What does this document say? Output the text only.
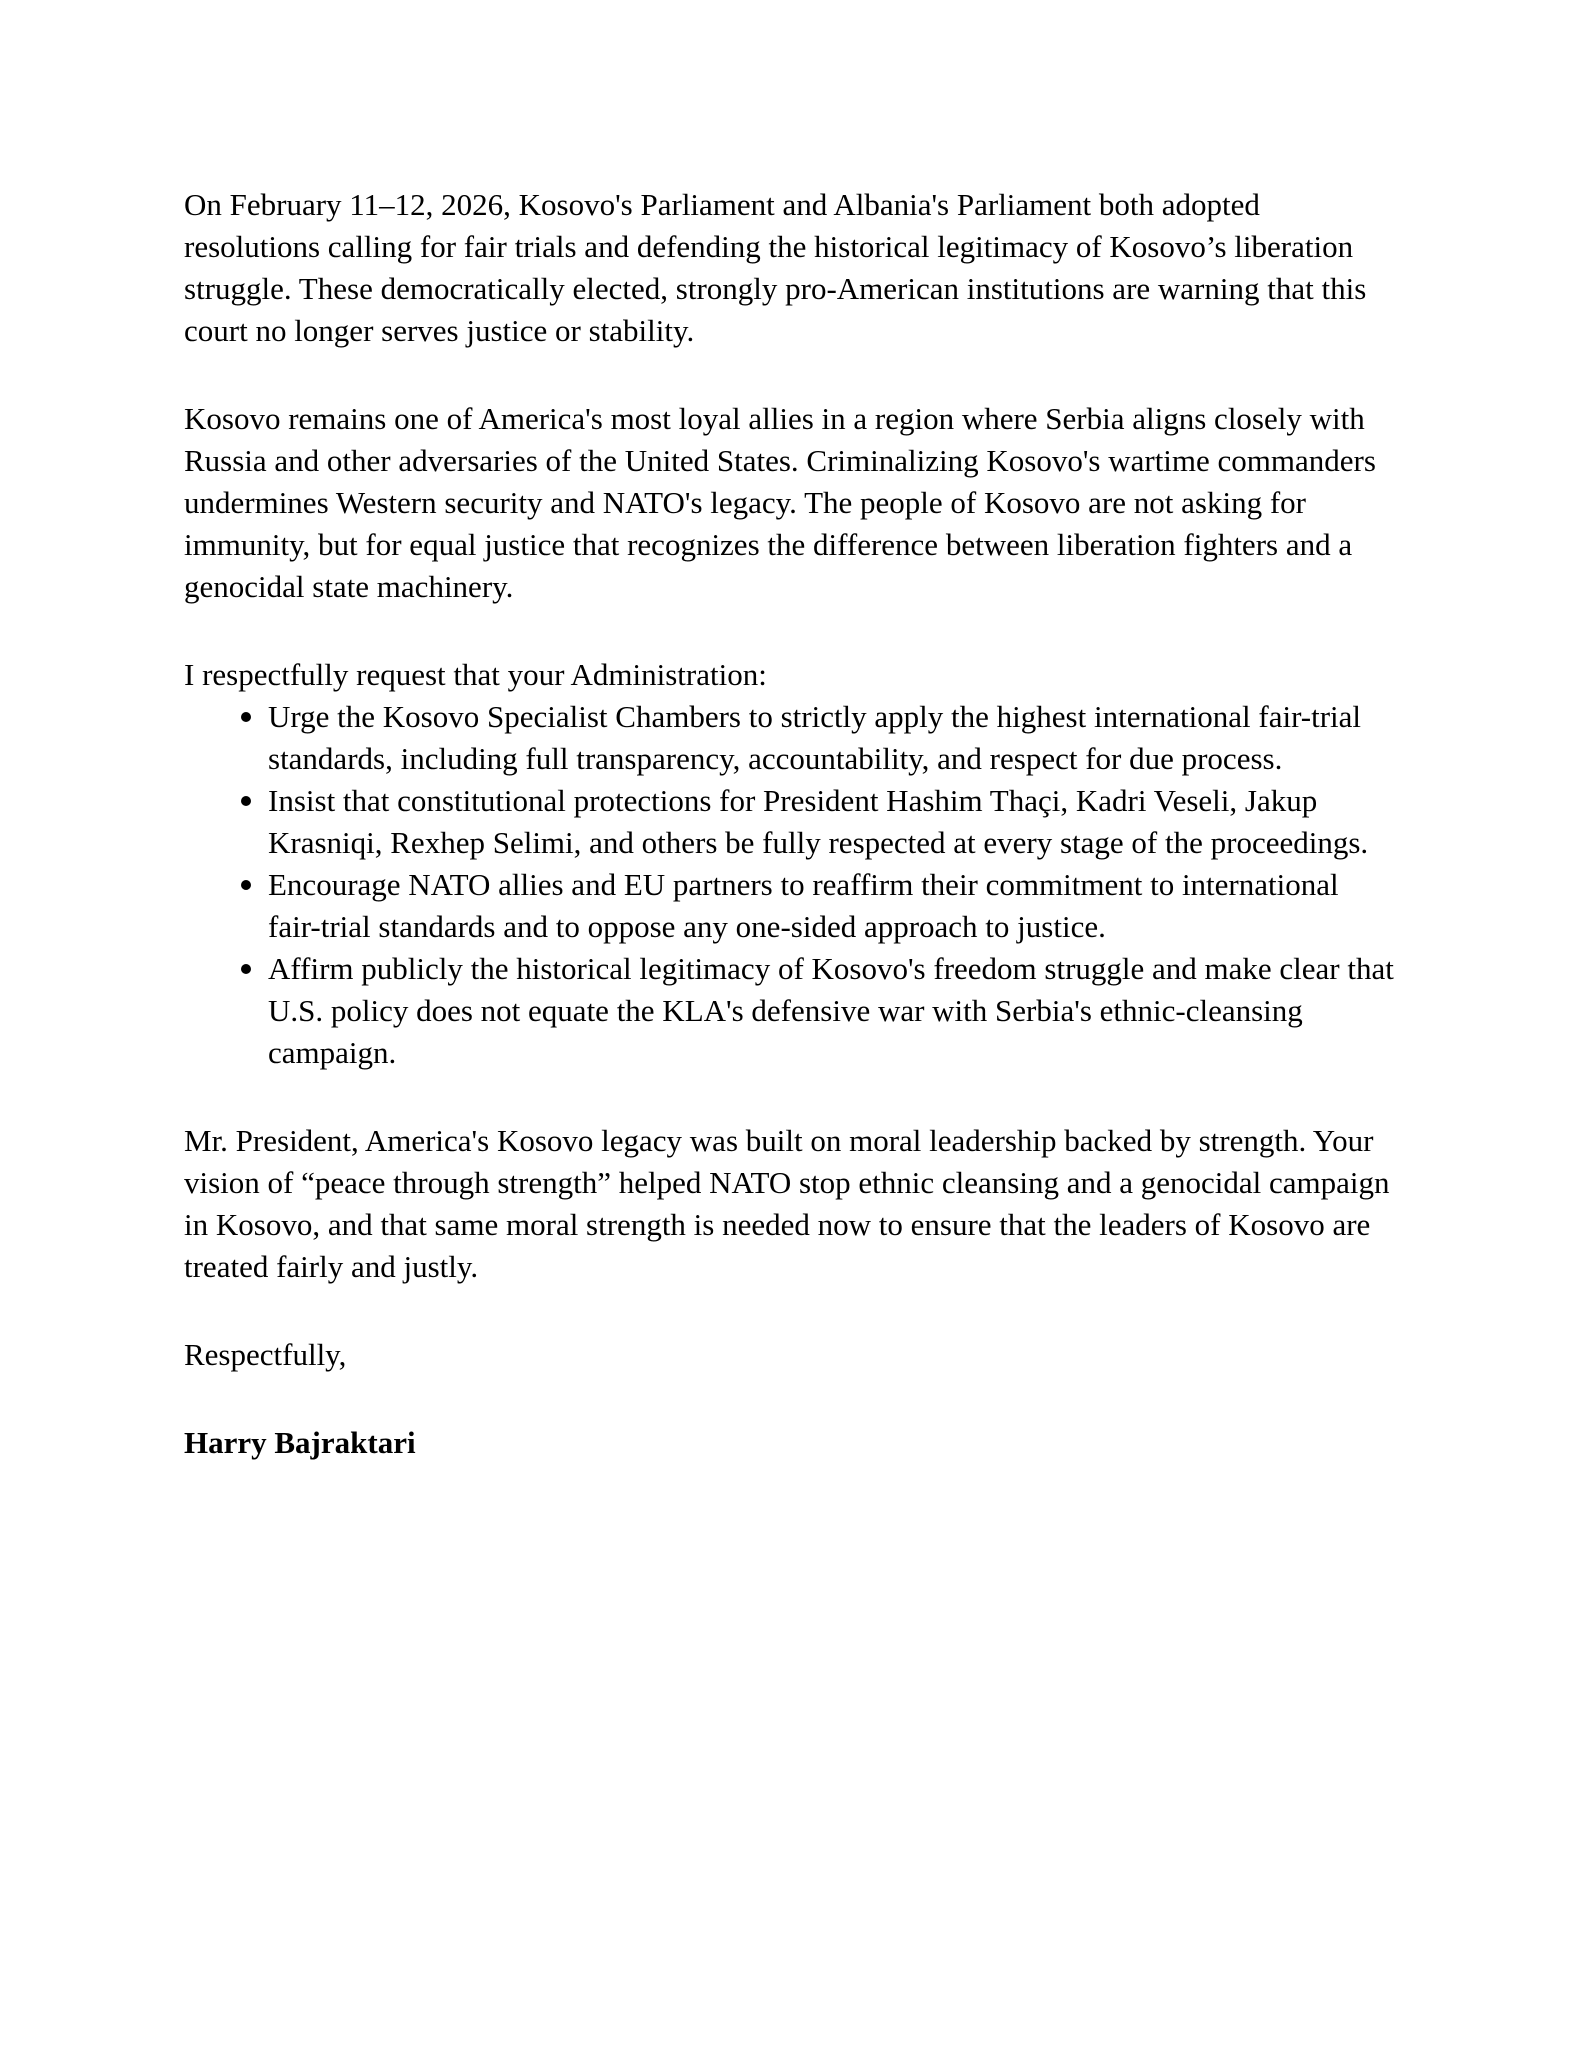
On February 11–12, 2026, Kosovo's Parliament and Albania's Parliament both adopted resolutions calling for fair trials and defending the historical legitimacy of Kosovo’s liberation struggle. These democratically elected, strongly pro-American institutions are warning that this court no longer serves justice or stability.

Kosovo remains one of America's most loyal allies in a region where Serbia aligns closely with Russia and other adversaries of the United States. Criminalizing Kosovo's wartime commanders undermines Western security and NATO's legacy. The people of Kosovo are not asking for immunity, but for equal justice that recognizes the difference between liberation fighters and a genocidal state machinery.

I respectfully request that your Administration:

Urge the Kosovo Specialist Chambers to strictly apply the highest international fair-trial standards, including full transparency, accountability, and respect for due process.
Insist that constitutional protections for President Hashim Thaçi, Kadri Veseli, Jakup Krasniqi, Rexhep Selimi, and others be fully respected at every stage of the proceedings.
Encourage NATO allies and EU partners to reaffirm their commitment to international fair-trial standards and to oppose any one-sided approach to justice.
Affirm publicly the historical legitimacy of Kosovo's freedom struggle and make clear that U.S. policy does not equate the KLA's defensive war with Serbia's ethnic-cleansing campaign.

Mr. President, America's Kosovo legacy was built on moral leadership backed by strength. Your vision of “peace through strength” helped NATO stop ethnic cleansing and a genocidal campaign in Kosovo, and that same moral strength is needed now to ensure that the leaders of Kosovo are treated fairly and justly.

Respectfully,

Harry Bajraktari
